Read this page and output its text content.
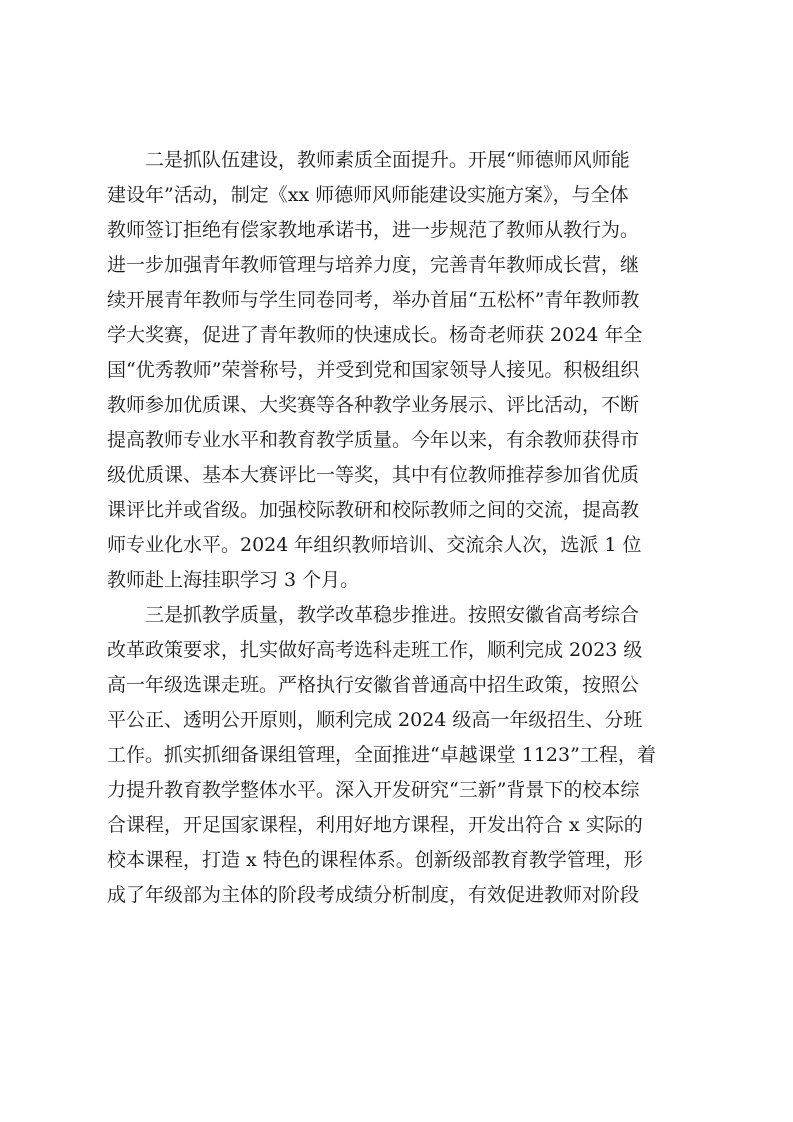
二是抓队伍建设，教师素质全面提升。开展“师德师风师能
建设年”活动，制定《xx 师德师风师能建设实施方案》，与全体
教师签订拒绝有偿家教地承诺书，进一步规范了教师从教行为。
进一步加强青年教师管理与培养力度，完善青年教师成长营，继
续开展青年教师与学生同卷同考，举办首届“五松杯”青年教师教
学大奖赛，促进了青年教师的快速成长。杨奇老师获 2024 年全
国“优秀教师”荣誉称号，并受到党和国家领导人接见。积极组织
教师参加优质课、大奖赛等各种教学业务展示、评比活动，不断
提高教师专业水平和教育教学质量。今年以来，有余教师获得市
级优质课、基本大赛评比一等奖，其中有位教师推荐参加省优质
课评比并或省级。加强校际教研和校际教师之间的交流，提高教
师专业化水平。2024 年组织教师培训、交流余人次，选派 1 位
教师赴上海挂职学习 3 个月。
三是抓教学质量，教学改革稳步推进。按照安徽省高考综合
改革政策要求，扎实做好高考选科走班工作，顺利完成 2023 级
高一年级选课走班。严格执行安徽省普通高中招生政策，按照公
平公正、透明公开原则，顺利完成 2024 级高一年级招生、分班
工作。抓实抓细备课组管理，全面推进“卓越课堂 1123”工程，着
力提升教育教学整体水平。深入开发研究“三新”背景下的校本综
合课程，开足国家课程，利用好地方课程，开发出符合 x 实际的
校本课程，打造 x 特色的课程体系。创新级部教育教学管理，形
成了年级部为主体的阶段考成绩分析制度，有效促进教师对阶段
